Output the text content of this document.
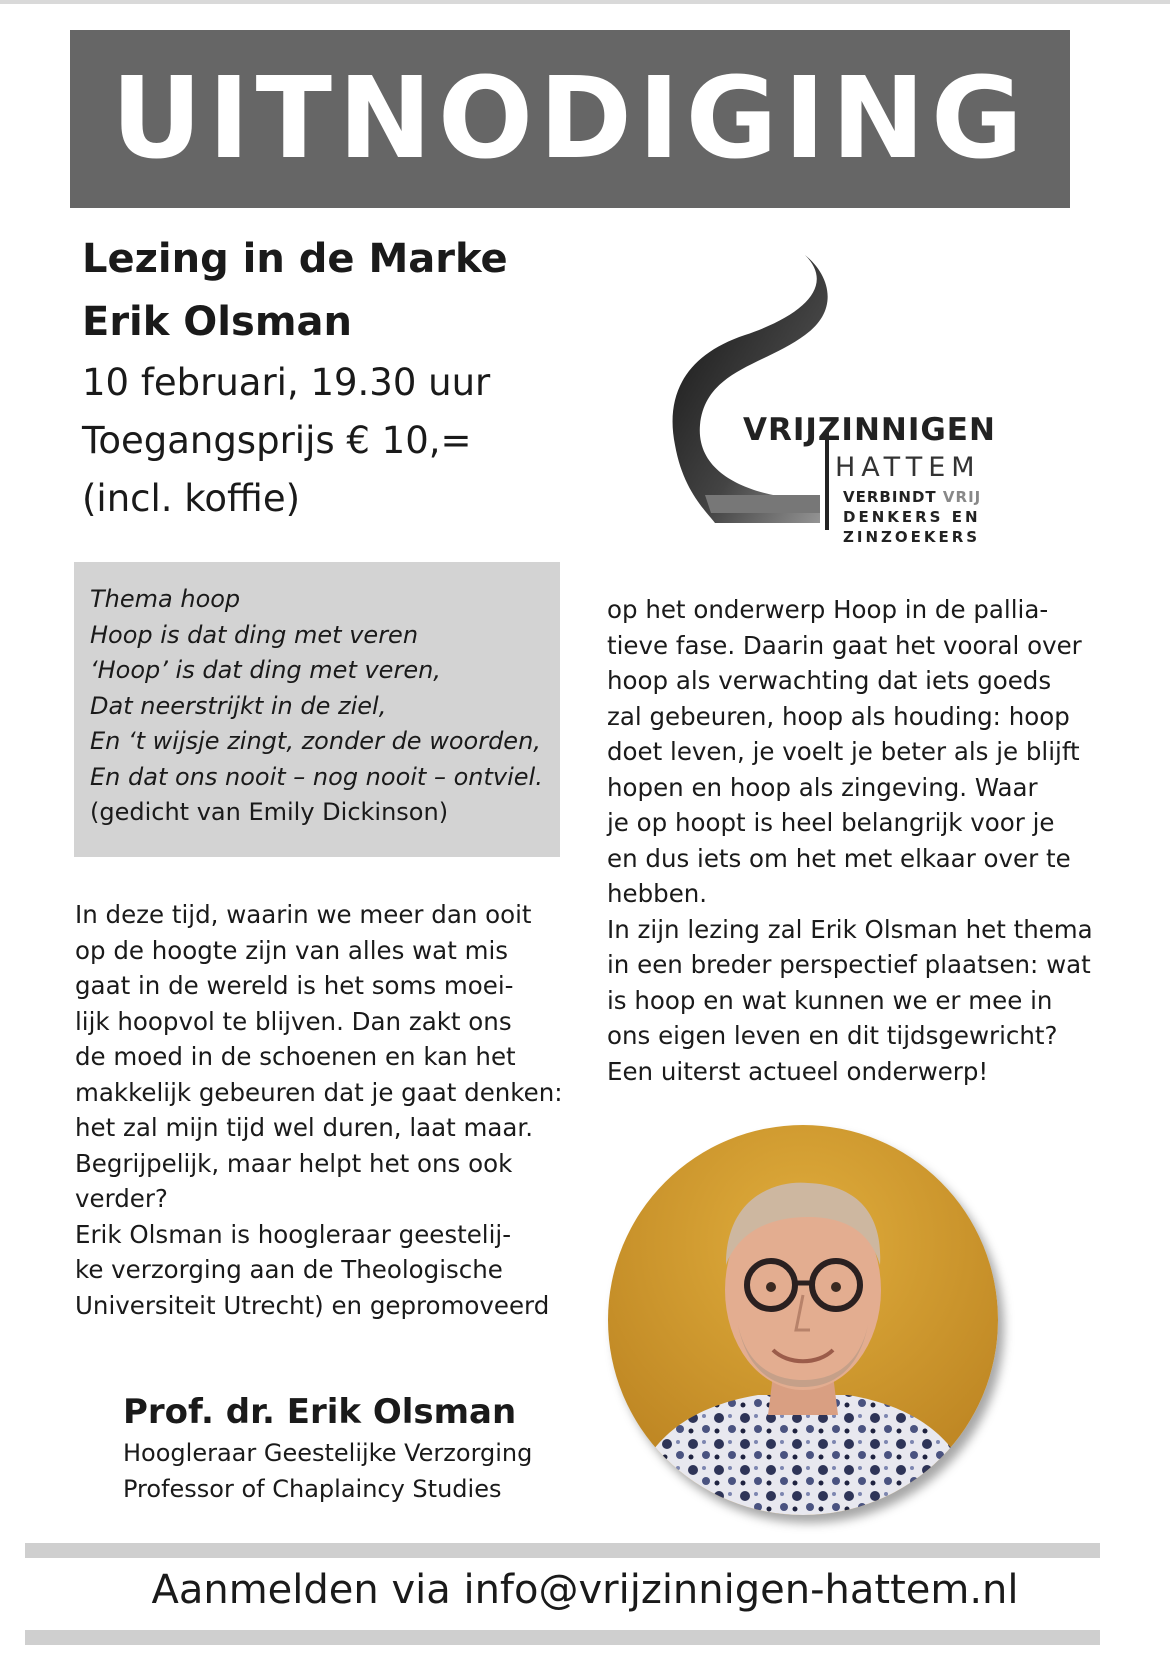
UITNODIGING
Lezing in de Marke
Erik Olsman
10 februari, 19.30 uur
Toegangsprijs € 10,=
(incl. koffie)
VRIJZINNIGEN
HATTEM
VERBINDT VRIJ
DENKERS EN
ZINZOEKERS
Thema hoop
Hoop is dat ding met veren
‘Hoop’ is dat ding met veren,
Dat neerstrijkt in de ziel,
En ‘t wijsje zingt, zonder de woorden,
En dat ons nooit – nog nooit – ontviel.
(gedicht van Emily Dickinson)
In deze tijd, waarin we meer dan ooit
op de hoogte zijn van alles wat mis
gaat in de wereld is het soms moei-
lijk hoopvol te blijven. Dan zakt ons
de moed in de schoenen en kan het
makkelijk gebeuren dat je gaat denken:
het zal mijn tijd wel duren, laat maar.
Begrijpelijk, maar helpt het ons ook
verder?
Erik Olsman is hoogleraar geestelij-
ke verzorging aan de Theologische
Universiteit Utrecht) en gepromoveerd
op het onderwerp Hoop in de pallia-
tieve fase. Daarin gaat het vooral over
hoop als verwachting dat iets goeds
zal gebeuren, hoop als houding: hoop
doet leven, je voelt je beter als je blijft
hopen en hoop als zingeving. Waar
je op hoopt is heel belangrijk voor je
en dus iets om het met elkaar over te
hebben.
In zijn lezing zal Erik Olsman het thema
in een breder perspectief plaatsen: wat
is hoop en wat kunnen we er mee in
ons eigen leven en dit tijdsgewricht?
Een uiterst actueel onderwerp!
Prof. dr. Erik Olsman
Hoogleraar Geestelijke Verzorging
Professor of Chaplaincy Studies
Aanmelden via info@vrijzinnigen-hattem.nl
